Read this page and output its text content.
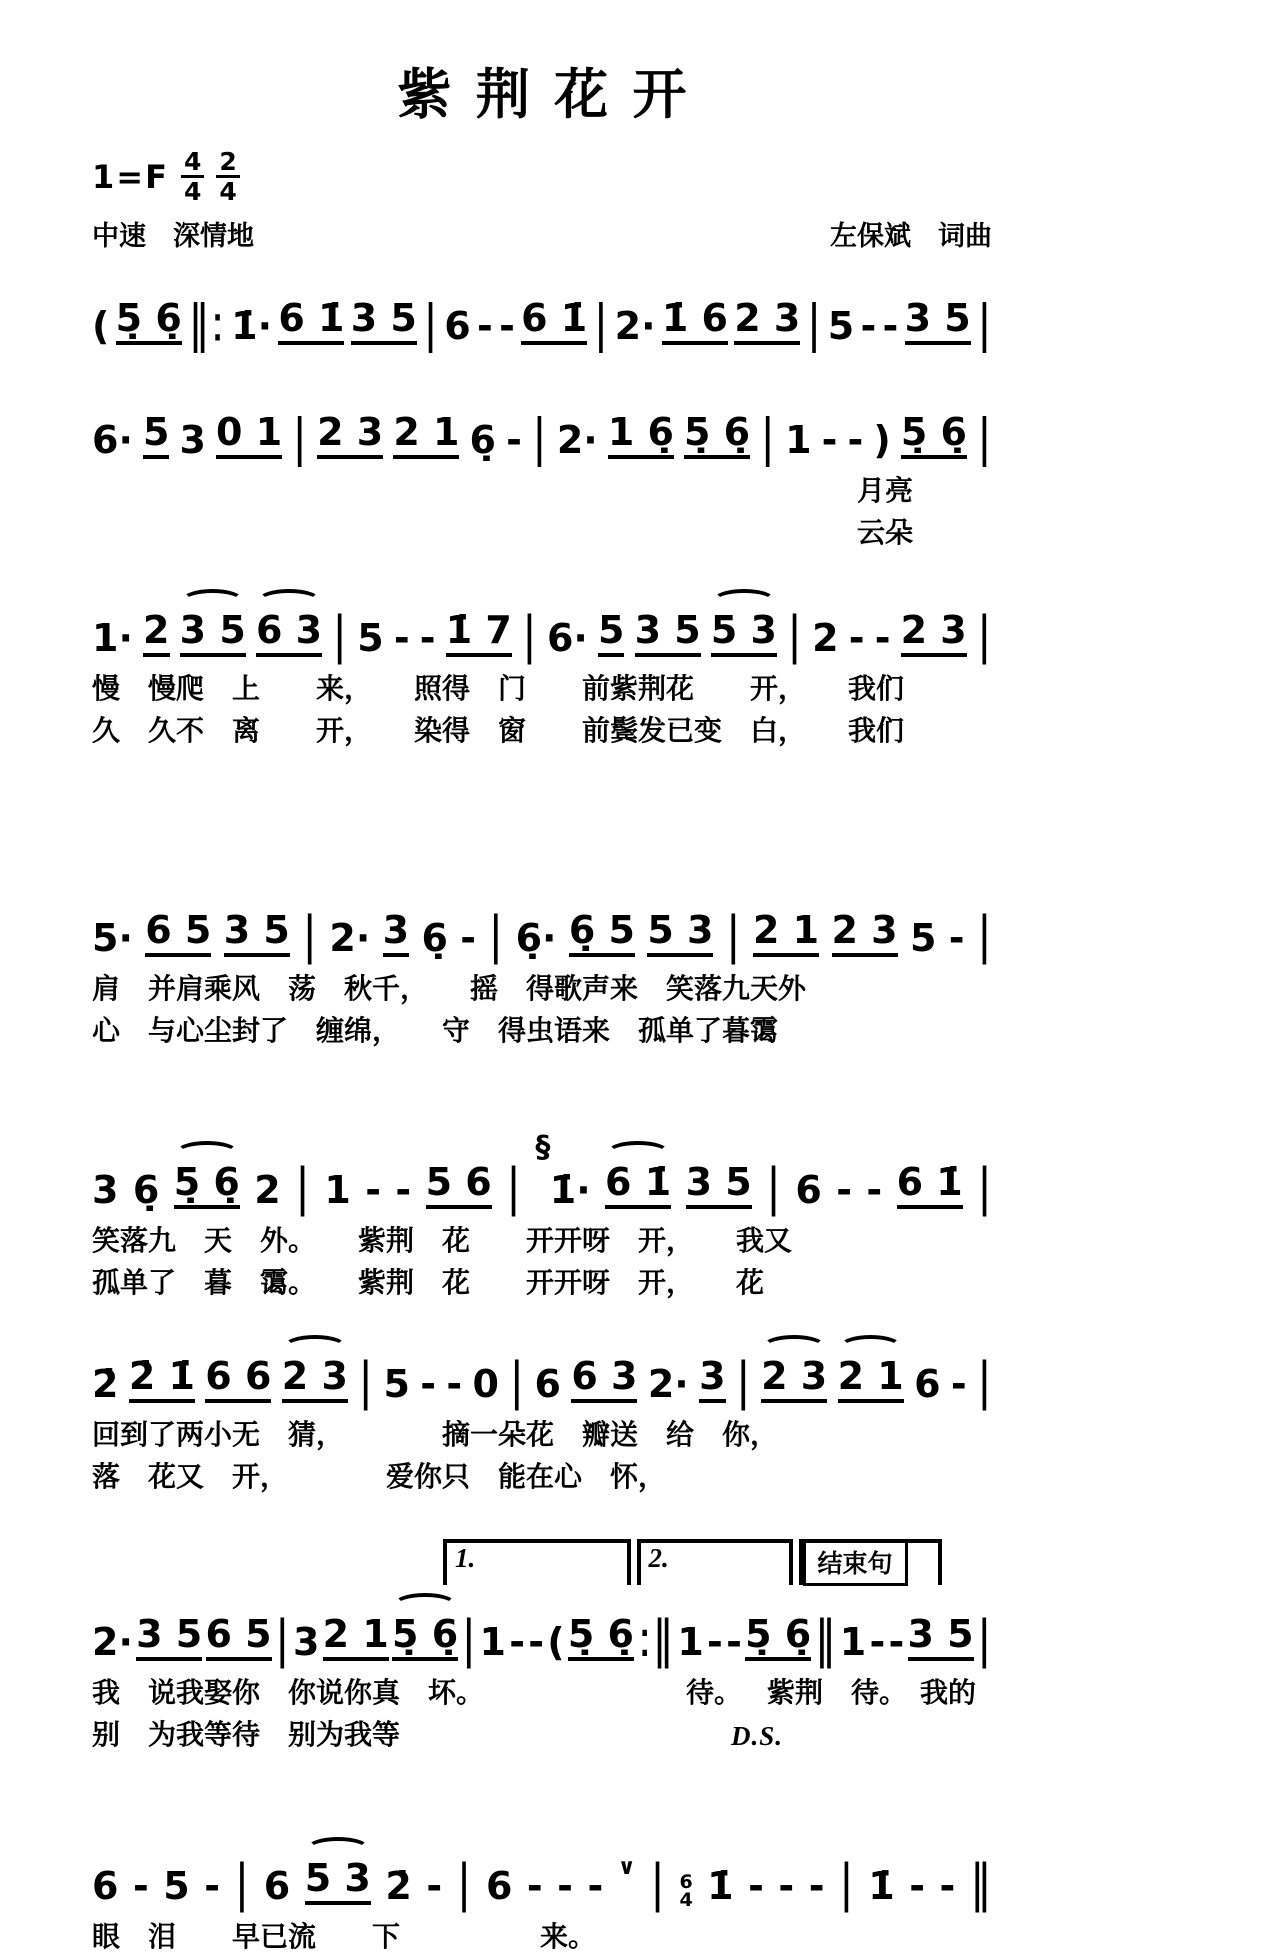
紫荆花开
$1=F \frac{4}{4} \frac{2}{4}$
中速　深情地	左保斌　词曲
( 5̣ 6̣ ‖: 1̇· 6 1̇ 3 5 | 6 - - 6 1̇ | 2· 1̇ 6 2 3 | 5 - - 3 5 |
6· 5 3 0 1 | 2 3 2 1 6̣ - | 2· 1 6̣ 5̣ 6̣ | 1 - - ) 5̣ 6̣ |
月亮
云朵
1· 2 3 5 6 3 | 5 - - 1̇ 7 | 6· 5 3 5 5 3 | 2 - - 2 3 |
慢　慢爬　上　　来，　　照得　门　　前紫荆花　　开，　　我们
久　久不　离　　开，　　染得　窗　　前鬓发已变　白，　　我们
5· 6 5 3 5 | 2· 3 6̣ - | 6̣· 6̣ 5 5 3 | 2 1 2 3 5 - |
肩　并肩乘风　荡　秋千，　　摇　得歌声来　笑落九天外
心　与心尘封了　缠绵，　　守　得虫语来　孤单了暮霭
3 6̣ 5̣ 6̣ 2 | 1 - - 5 6 |
§
1̇· 6 1̇ 3 5 | 6 - - 6 1̇ |
笑落九　天　外。　　紫荆　花　　开开呀　开，　　我又
孤单了　暮　霭。　　紫荆　花　　开开呀　开，　　花
2̇ 2̇ 1̇ 6 6 2 3 | 5 - - 0 | 6 6 3 2· 3 | 2 3 2 1 6 - |
回到了两小无　猜，　　　　摘一朵花　瓣送　给　你，
落　花又　开，　　　　爱你只　能在心　怀，
1.	2.	结束句
2· 3 5 6 5 | 3 2 1 5̣ 6̣ | 1 - - ( 5̣ 6̣ :‖ 1 - - 5̣ 6̣ ‖ 1 - - 3 5 |
我　说我娶你　你说你真　坏。	待。 紫荆　待。 我的
别　为我等待　别为我等	D.S.
6 - 5 - | 6 5 3 2̇ - | 6 - - - ∨ | 6
4 1̇ - - - | 1̇ - - ‖
眼　泪　　早已流　　下　　　　　来。
